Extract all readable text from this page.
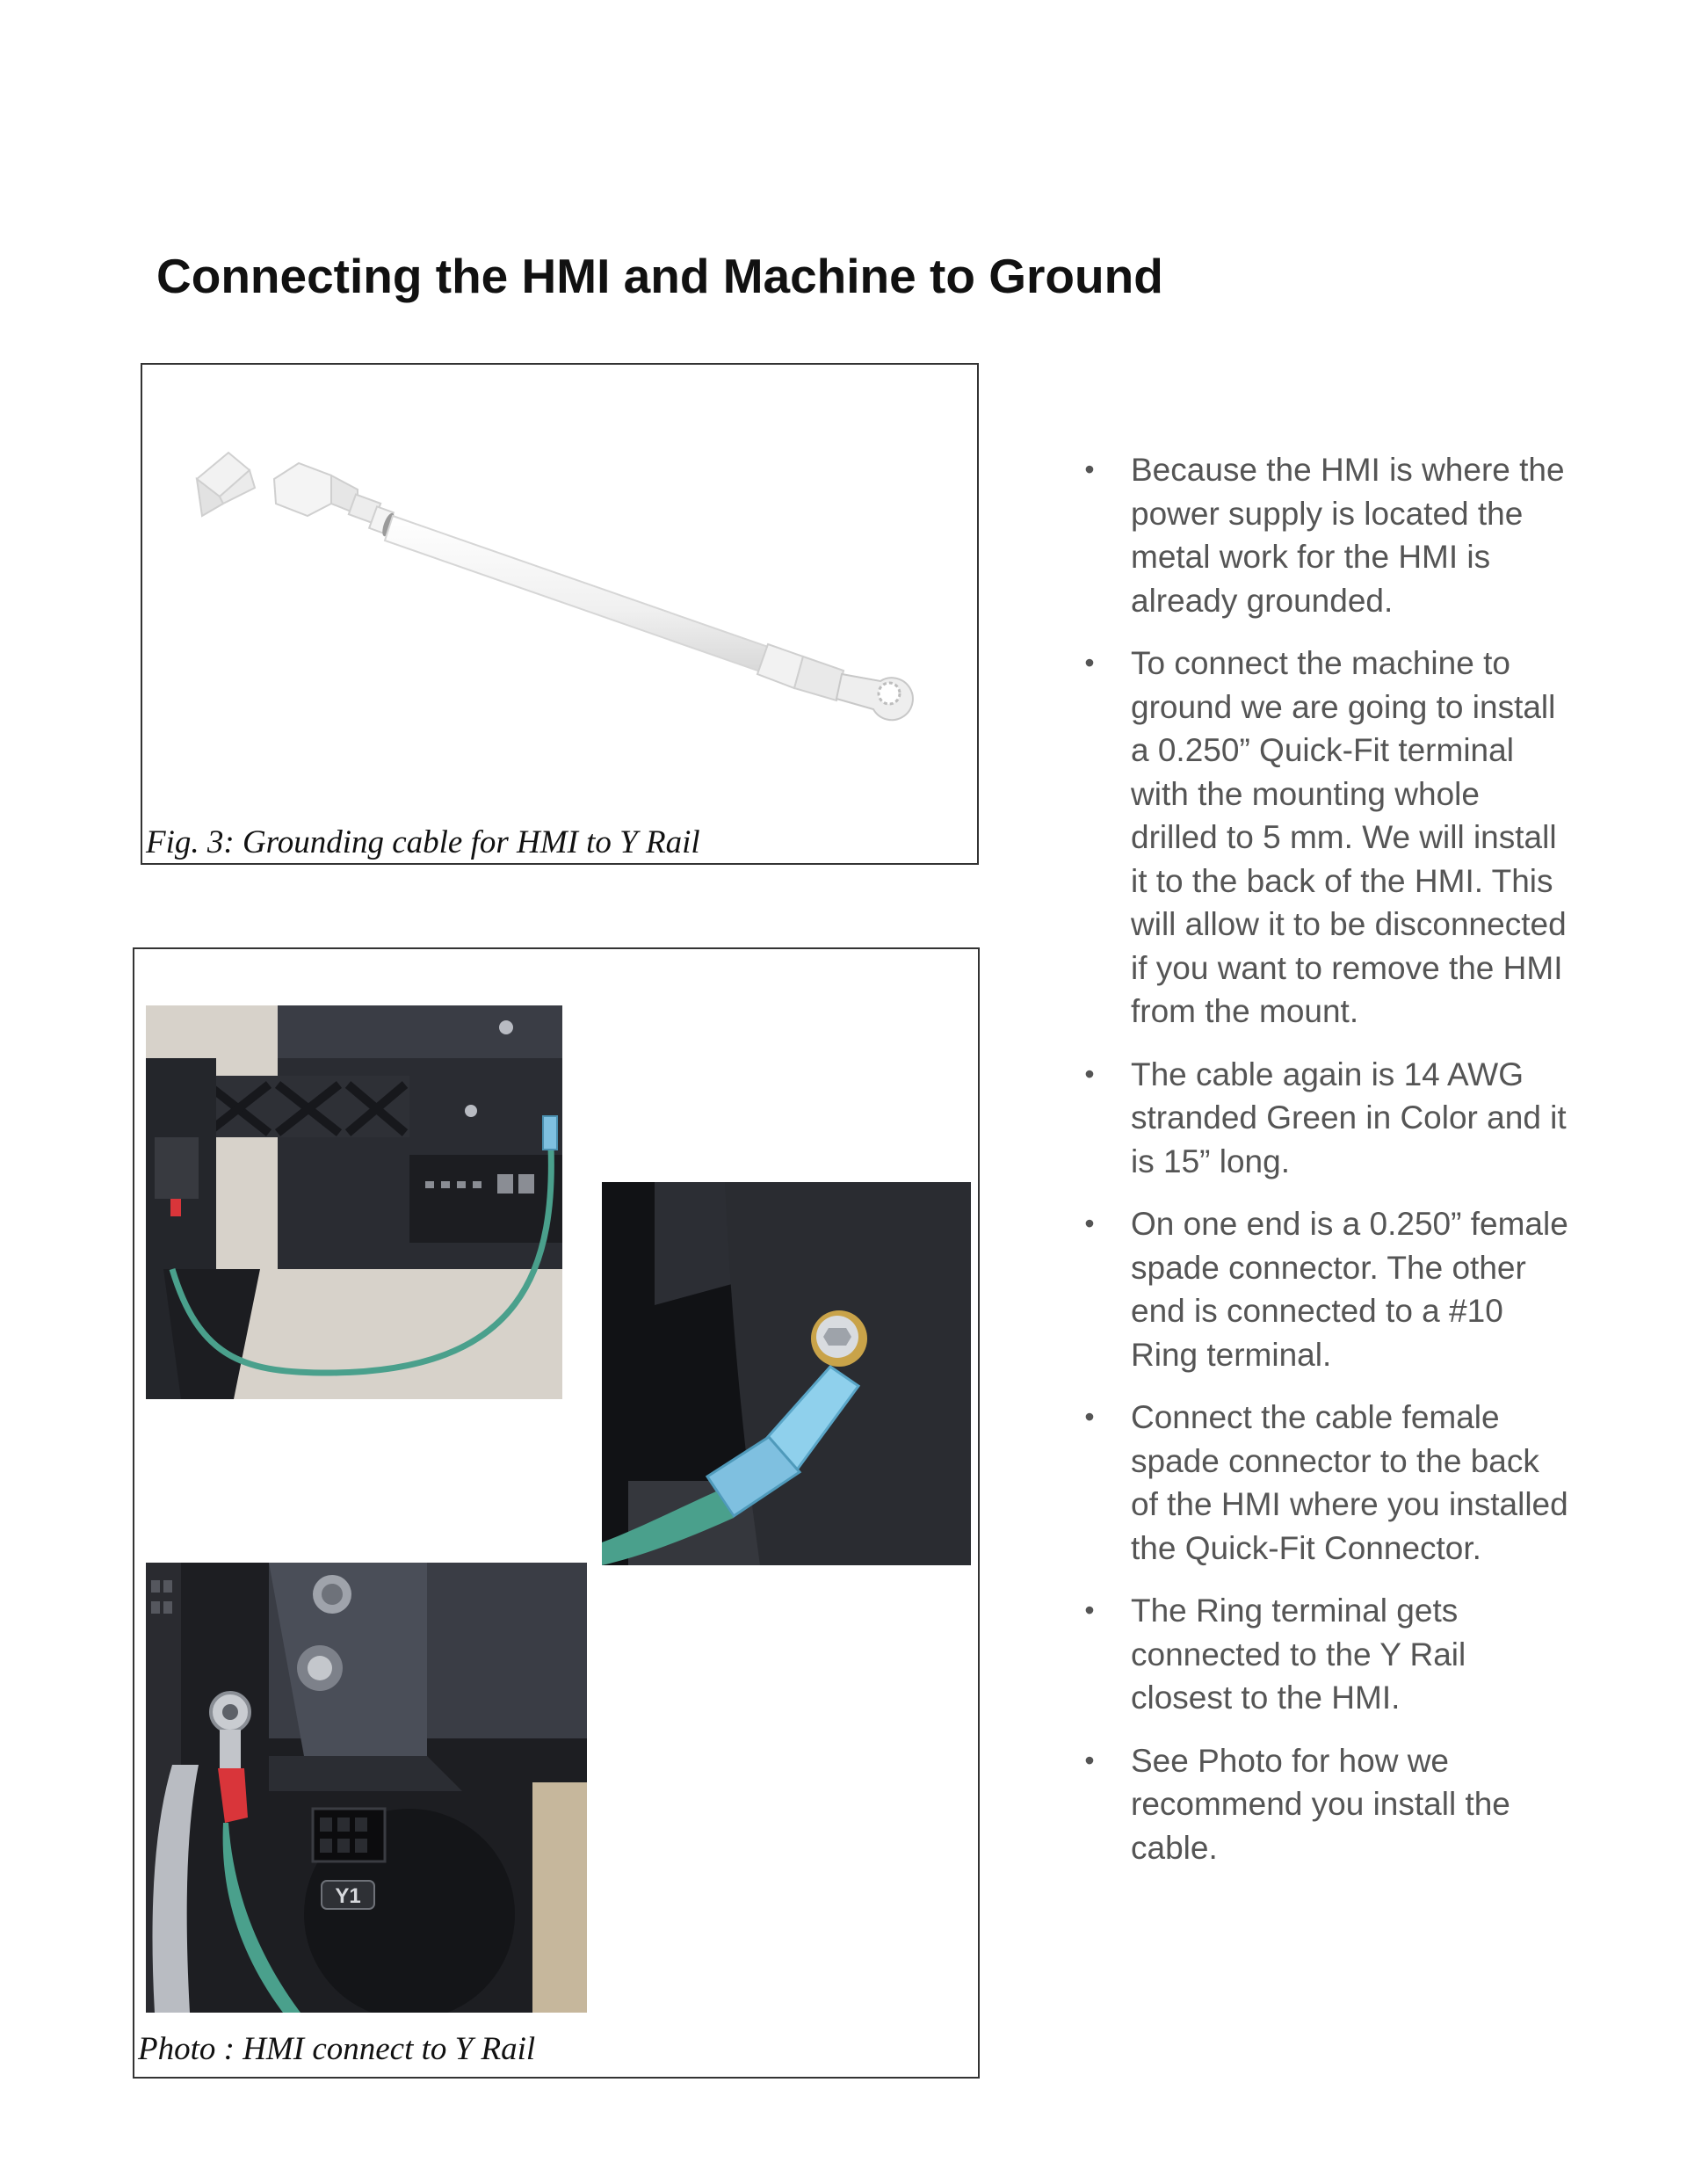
Connecting the HMI and Machine to Ground
Fig. 3: Grounding cable for HMI to Y Rail
Y1
Photo : HMI connect to Y Rail
• Because the HMI is where the power supply is located the metal work for the HMI is already grounded.
• To connect the machine to ground we are going to install a 0.250” Quick-Fit terminal with the mounting whole drilled to 5 mm. We will install it to the back of the HMI. This will allow it to be disconnected if you want to remove the HMI from the mount.
• The cable again is 14 AWG stranded Green in Color and it is 15” long.
• On one end is a 0.250” female spade connector. The other end is connected to a #10 Ring terminal.
• Connect the cable female spade connector to the back of the HMI where you installed the Quick-Fit Connector.
• The Ring terminal gets connected to the Y Rail closest to the HMI.
• See Photo for how we recommend you install the cable.
